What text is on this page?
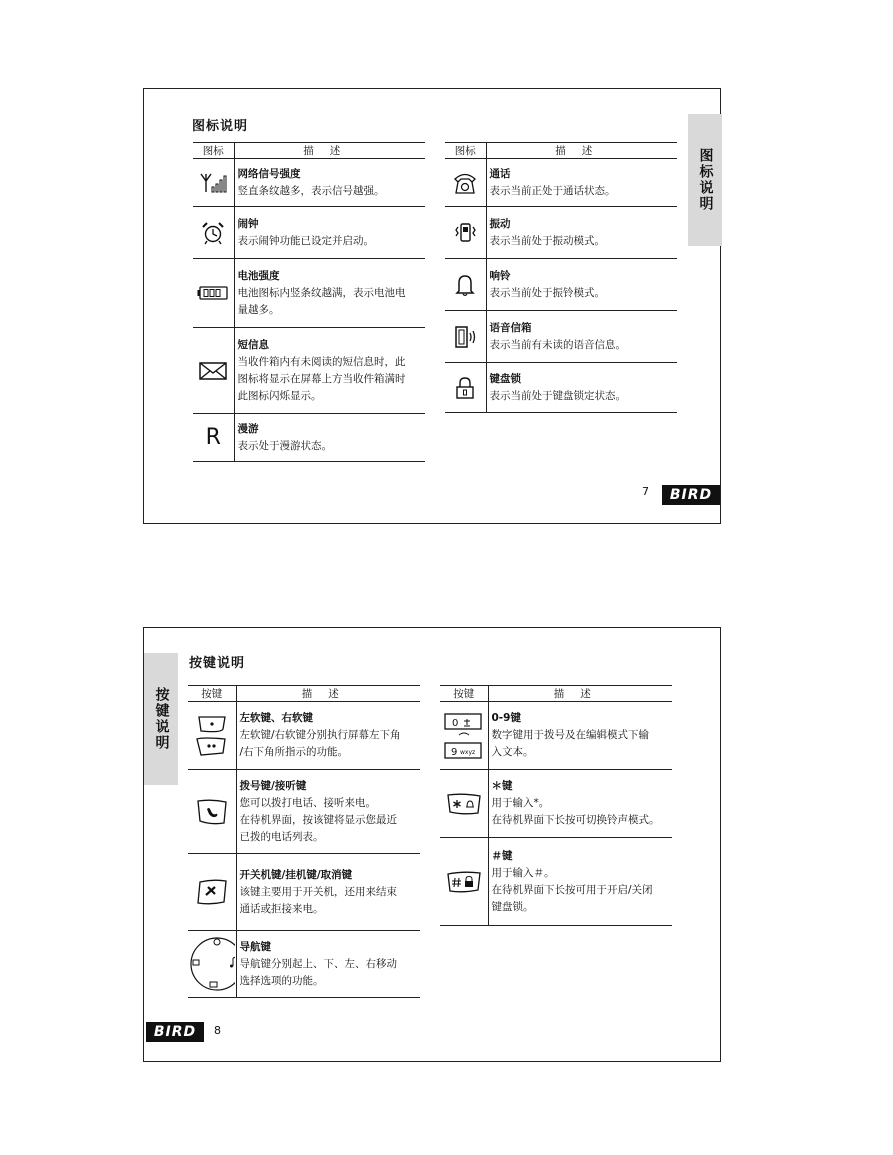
图标说明
图标说明
图标	描述

网络信号强度
竖直条纹越多，表示信号越强。

闹钟
表示闹钟功能已设定并启动。

电池强度
电池图标内竖条纹越满，表示电池电
量越多。

短信息
当收件箱内有未阅读的短信息时，此
图标将显示在屏幕上方当收件箱满时
此图标闪烁显示。

R	漫游
表示处于漫游状态。
图标	描述

通话
表示当前正处于通话状态。

振动
表示当前处于振动模式。

响铃
表示当前处于振铃模式。

语音信箱
表示当前有未读的语音信息。

键盘锁
表示当前处于键盘锁定状态。
7	BIRD
按键说明
按键说明	按键	描述

左软键、右软键
左软键/右软键分别执行屏幕左下角
/右下角所指示的功能。

拨号键/接听键
您可以拨打电话、接听来电。
在待机界面，按该键将显示您最近
已拨的电话列表。

开关机键/挂机键/取消键
该键主要用于开关机，还用来结束
通话或拒接来电。

导航键
导航键分别起上、下、左、右移动
选择选项的功能。
按键	描述

0
9 wxyz	0-9键
数字键用于拨号及在编辑模式下输
入文本。

＊键
用于输入*。
在待机界面下长按可切换铃声模式。

＃键
用于输入＃。
在待机界面下长按可用于开启/关闭
键盘锁。
BIRD	8
